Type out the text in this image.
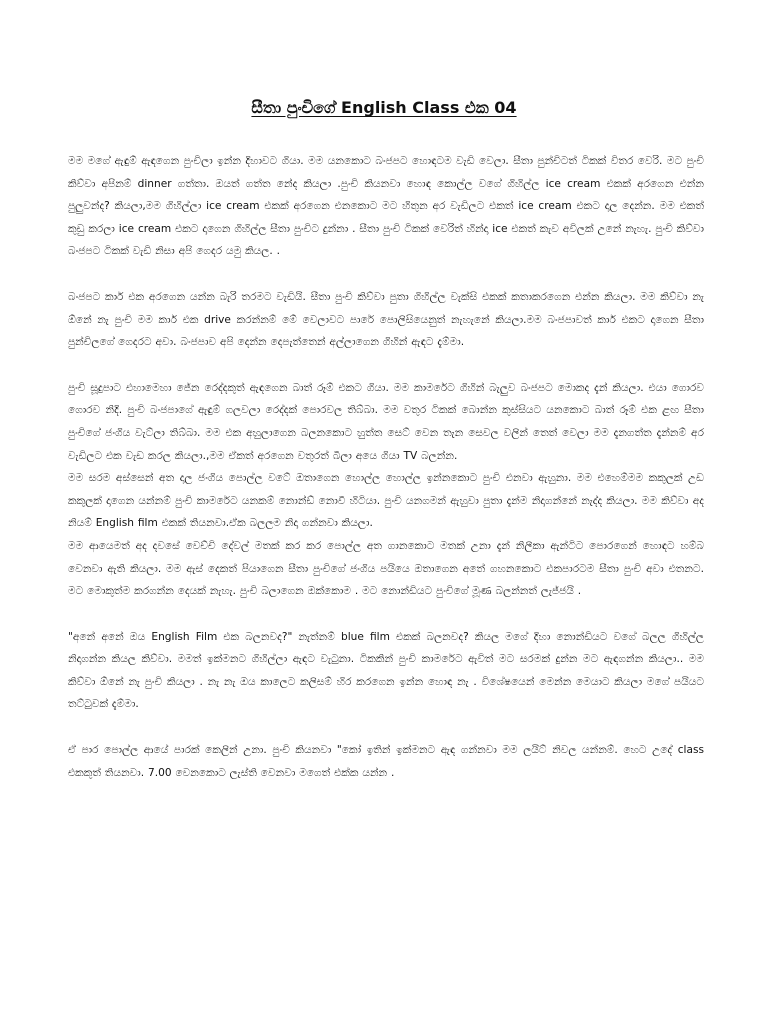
සීතා පුංචිගේ English Class එක 04

මම මගේ ඇඳුම් ඇඳගෙන පුංචිලා ඉන්න දිහාවට ගියා. මම යනකොට බංජපට හොඳටම වැඩි වෙලා. සීතා පුන්චිටත් ටිකක් විතර වෙරි. මට පුංචි කිව්වා අපිනම් dinner ගත්තා. ඔයත් ගත්ත නේද කියලා .පුංචි කියනවා හොඳ කොල්ල වගේ ගිහිල්ල ice cream එකක් අරගෙන එන්න පුලුවන්ද? කියලා,මම ගිහිල්ලා ice cream එකක් අරගෙන එනකොට මට හිතුන අර වැඩිලට එකත් ice cream එකට දාල දෙන්න. මම එකත් කුඩු කරලා ice cream එකට දාගෙන ගිහිල්ල සීතා පුංචිට දුන්නා . සීතා පුංචි ටිකක් වෙරිත් හින්දා ice එකත් කැව අවිලක් උනේ නැහැ. පුංචි කිව්වා බංජපට ටිකක් වැඩි නිසා අපි ගෙදර යමු කියල. .

බංජපට කාර් එක අරගෙන යන්න බැරි තරමට වැඩියි. සීතා පුංචි කිව්වා පුතා ගිහිල්ල වැක්සි එකක් කතාකරගෙන එන්න කියලා. මම කිව්වා නැ ඕනේ නැ පුංචි මම කාර් එක drive කරන්නම් මේ වෙලාවට පාරේ පොලිසියෙනුත් නැහැනේ කියලා.මම බංජපාවත් කාර් එකට දාගෙන සීතා පුන්චිලගේ ගෙදරට අවා. බංජපාව අපි දෙන්න දෙපැත්තෙන් අල්ලාගෙන ගිහින් ඇඳට දැම්මා.

පුංචි සූදුපාට එහාමෙහා ජේන රෙද්දකුත් ඇඳගෙන බාත් රූම් එකට ගියා. මම කාමරේට ගිහින් බැලුව බංජපට මොකද දැන් කියලා. එයා ගොරව ගොරව නිදි. පුංචි බංජපාගේ ඇඳුම් ගලවලා රෙද්දක් පොරවල තිබ්බා. මම වතුර ටිකක් බොන්න කුස්සියට යනකොට බාත් රූම් එක ළඟ සීතා පුංචිගේ ජංගිය වැට්ලා තිබ්බා. මම එක අහුලාගෙන බලනකොට හුත්ත සෙට් වෙන තැන සෙවල වලින් තෙත් වෙලා මම දැනගත්ත දැන්නම් අර වැඩිලට එක වැඩ කරල කියලා.,මම ඒකත් අරගෙන වතුරත් බීලා අයෙ ගියා TV බලන්න.

මම සරම අස්සෙන් අත දාල ජංගිය පොල්ල වටේ ඔතාගෙන හොල්ල හොල්ල ඉන්නකොට පුංචි එනවා ඇහුනා. මම එහෙම්මම කකුලක් උඩ කකුලක් දාගෙන යන්නම් පුංචි කාමරේට යනකම් නොන්ඩ් නොවී හිටියා. පුංචි යනගමන් ඇහුවා පුතා දැන්ම නිදාගන්නේ නැද්ද කියලා. මම කිව්වා අද නියම් English film එකක් තියනවා.ඒක බලලම නිදා ගන්නවා කියලා.

මම ආයෙමත් අද දවසේ වෙච්චි දේවල් මතක් කර කර පොල්ල අත ගානකොට මතක් උනා දැන් නිලීකා ඇන්ටිට පොරගෙන් හොඳට හම්බ වෙනවා ඇති කියලා. මම ඇස් දෙකත් පියාගෙන සීතා පුංචිගේ ජංගිය පයියෙ ඔතාගෙන අතේ ගහනකොට එකපාරටම සීතා පුංචි අවා එතනට. මට මොකුත්ම කරගන්න දෙයක් නැහැ. පුංචි බලාගෙන ඔක්කොම . මට නොන්ඩියට පුංචිගේ මූණ බලන්නත් ලැජ්ජයි .

"අනේ අනේ ඔය English Film එක බලනවද?" නැත්නම් blue film එකක් බලනවද? කියල මගේ දිහා නොන්ඩියට වගේ බලල ගිහිල්ල නිදාගන්න කියල කිව්වා. මමත් ඉක්මනට ගිහිල්ලා ඇඳට වැටුනා. ටිකකින් පුංචි කාමරේට ඇවිත් මට සරමක් දුන්න මට ඇඳගන්න කියලා.. මම කිව්වා ඕනේ නැ පුංචි කියලා . නැ නැ ඔය කාලෙට කලිසම් හිර කරගෙන ඉන්න හොඳ නැ . විශේෂයෙන් මෙන්න මෙයාට කියලා මගේ පයියට තට්ටුවක් දැම්මා.

ඒ පාර පොල්ල ආයේ පාරක් කෙලින් උනා. පුංචි කියනවා "කෝ ඉතින් ඉක්මනට ඇඳ ගන්නවා මම ලයිට් නිවල යන්නම්. හෙට උදේ class එකකුත් තියනවා. 7.00 වෙනකොට ලැස්ති වෙනවා මගෙත් එක්ක යන්න .
